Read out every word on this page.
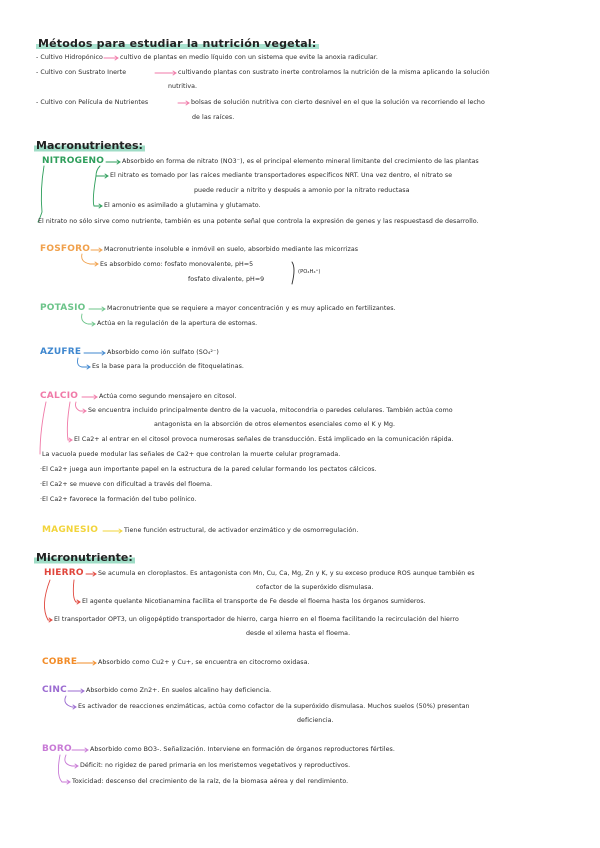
Métodos para estudiar la nutrición vegetal:
- Cultivo Hidropónico	cultivo de plantas en medio líquido con un sistema que evite la anoxia radicular.
- Cultivo con Sustrato Inerte	cultivando plantas con sustrato inerte controlamos la nutrición de la misma aplicando la solución
nutritiva.
- Cultivo con Película de Nutrientes	bolsas de solución nutritiva con cierto desnivel en el que la solución va recorriendo el lecho
de las raíces.
Macronutrientes:
NITROGENO	Absorbido en forma de nitrato (NO3⁻), es el principal elemento mineral limitante del crecimiento de las plantas
El nitrato es tomado por las raíces mediante transportadores específicos NRT. Una vez dentro, el nitrato se
puede reducir a nitrito y después a amonio por la nitrato reductasa
El amonio es asimilado a glutamina y glutamato.
El nitrato no sólo sirve como nutriente, también es una potente señal que controla la expresión de genes y las respuestasd de desarrollo.
FOSFORO Macronutriente insoluble e inmóvil en suelo, absorbido mediante las micorrizas
Es absorbido como: fosfato monovalente, pH=5
fosfato divalente, pH=9
(PO₄H₄⁺)
POTASIO	Macronutriente que se requiere a mayor concentración y es muy aplicado en fertilizantes.
Actúa en la regulación de la apertura de estomas.
AZUFRE	Absorbido como ión sulfato (SO₄²⁻)
Es la base para la producción de fitoquelatinas.
CALCIO	Actúa como segundo mensajero en citosol.
Se encuentra incluido principalmente dentro de la vacuola, mitocondria o paredes celulares. También actúa como
antagonista en la absorción de otros elementos esenciales como el K y Mg.
El Ca2+ al entrar en el citosol provoca numerosas señales de transducción. Está implicado en la comunicación rápida.
La vacuola puede modular las señales de Ca2+ que controlan la muerte celular programada.
·El Ca2+ juega aun importante papel en la estructura de la pared celular formando los pectatos cálcicos.
·El Ca2+ se mueve con dificultad a través del floema.
·El Ca2+ favorece la formación del tubo polínico.
MAGNESIO	Tiene función estructural, de activador enzimático y de osmorregulación.
Micronutriente:
HIERRO Se acumula en cloroplastos. Es antagonista con Mn, Cu, Ca, Mg, Zn y K, y su exceso produce ROS aunque también es
cofactor de la superóxido dismulasa.
El agente quelante Nicotianamina facilita el transporte de Fe desde el floema hasta los órganos sumideros.
El transportador OPT3, un oligopéptido transportador de hierro, carga hierro en el floema facilitando la recirculación del hierro
desde el xilema hasta el floema.
COBRE	Absorbido como Cu2+ y Cu+, se encuentra en citocromo oxidasa.
CINC	Absorbido como Zn2+. En suelos alcalino hay deficiencia.
Es activador de reacciones enzimáticas, actúa como cofactor de la superóxido dismulasa. Muchos suelos (50%) presentan
deficiencia.
BORO	Absorbido como BO3-. Señalización. Interviene en formación de órganos reproductores fértiles.
Déficit: no rigidez de pared primaria en los meristemos vegetativos y reproductivos.
Toxicidad: descenso del crecimiento de la raíz, de la biomasa aérea y del rendimiento.
